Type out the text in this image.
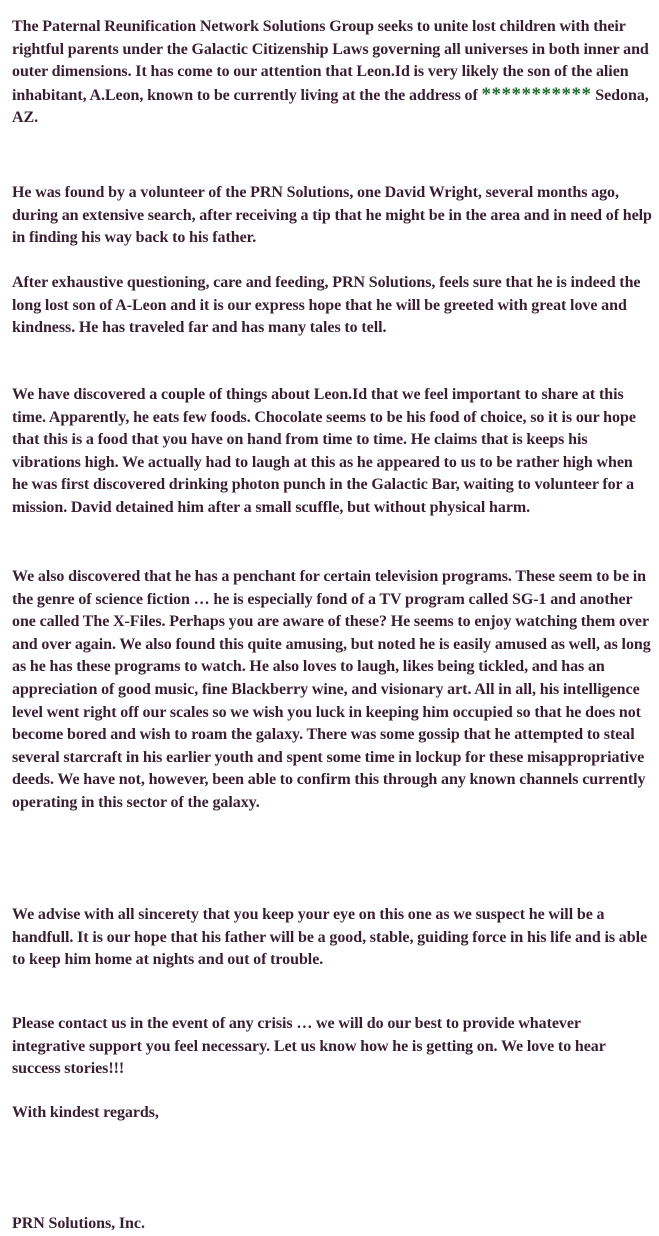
The Paternal Reunification Network Solutions Group seeks to unite lost children with their rightful parents under the Galactic Citizenship Laws governing all universes in both inner and outer dimensions. It has come to our attention that Leon.Id is very likely the son of the alien inhabitant, A.Leon, known to be currently living at the the address of *********** Sedona, AZ.

He was found by a volunteer of the PRN Solutions, one David Wright, several months ago, during an extensive search, after receiving a tip that he might be in the area and in need of help in finding his way back to his father.

After exhaustive questioning, care and feeding, PRN Solutions, feels sure that he is indeed the long lost son of A-Leon and it is our express hope that he will be greeted with great love and kindness. He has traveled far and has many tales to tell.

We have discovered a couple of things about Leon.Id that we feel important to share at this time. Apparently, he eats few foods. Chocolate seems to be his food of choice, so it is our hope that this is a food that you have on hand from time to time. He claims that is keeps his vibrations high. We actually had to laugh at this as he appeared to us to be rather high when he was first discovered drinking photon punch in the Galactic Bar, waiting to volunteer for a mission. David detained him after a small scuffle, but without physical harm.

We also discovered that he has a penchant for certain television programs. These seem to be in the genre of science fiction … he is especially fond of a TV program called SG-1 and another one called The X-Files. Perhaps you are aware of these? He seems to enjoy watching them over and over again. We also found this quite amusing, but noted he is easily amused as well, as long as he has these programs to watch. He also loves to laugh, likes being tickled, and has an appreciation of good music, fine Blackberry wine, and visionary art. All in all, his intelligence level went right off our scales so we wish you luck in keeping him occupied so that he does not become bored and wish to roam the galaxy. There was some gossip that he attempted to steal several starcraft in his earlier youth and spent some time in lockup for these misappropriative deeds. We have not, however, been able to confirm this through any known channels currently operating in this sector of the galaxy.

We advise with all sincerety that you keep your eye on this one as we suspect he will be a handfull. It is our hope that his father will be a good, stable, guiding force in his life and is able to keep him home at nights and out of trouble.

Please contact us in the event of any crisis … we will do our best to provide whatever integrative support you feel necessary. Let us know how he is getting on. We love to hear success stories!!!

With kindest regards,

PRN Solutions, Inc.
